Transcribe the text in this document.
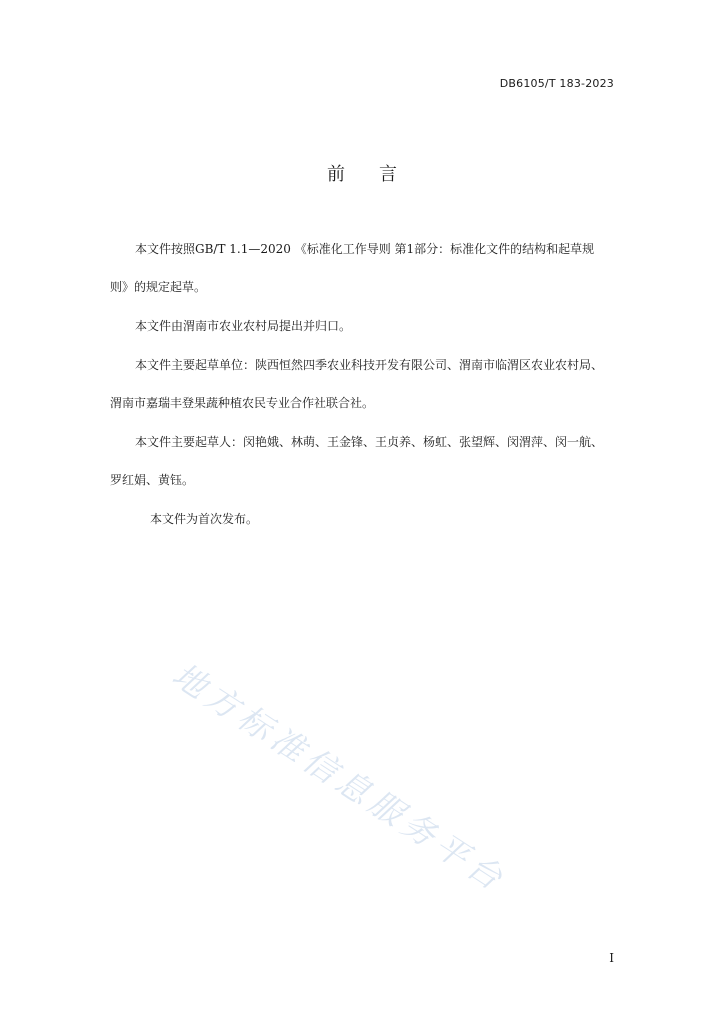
DB6105/T 183-2023
前言
本文件按照GB/T 1.1—2020 《标准化工作导则 第1部分：标准化文件的结构和起草规
则》的规定起草。
本文件由渭南市农业农村局提出并归口。
本文件主要起草单位：陕西恒然四季农业科技开发有限公司、渭南市临渭区农业农村局、
渭南市嘉瑞丰登果蔬种植农民专业合作社联合社。
本文件主要起草人：闵艳娥、林萌、王金锋、王贞养、杨虹、张望辉、闵渭萍、闵一航、
罗红娟、黄钰。
本文件为首次发布。
地方标准信息服务平台
I
